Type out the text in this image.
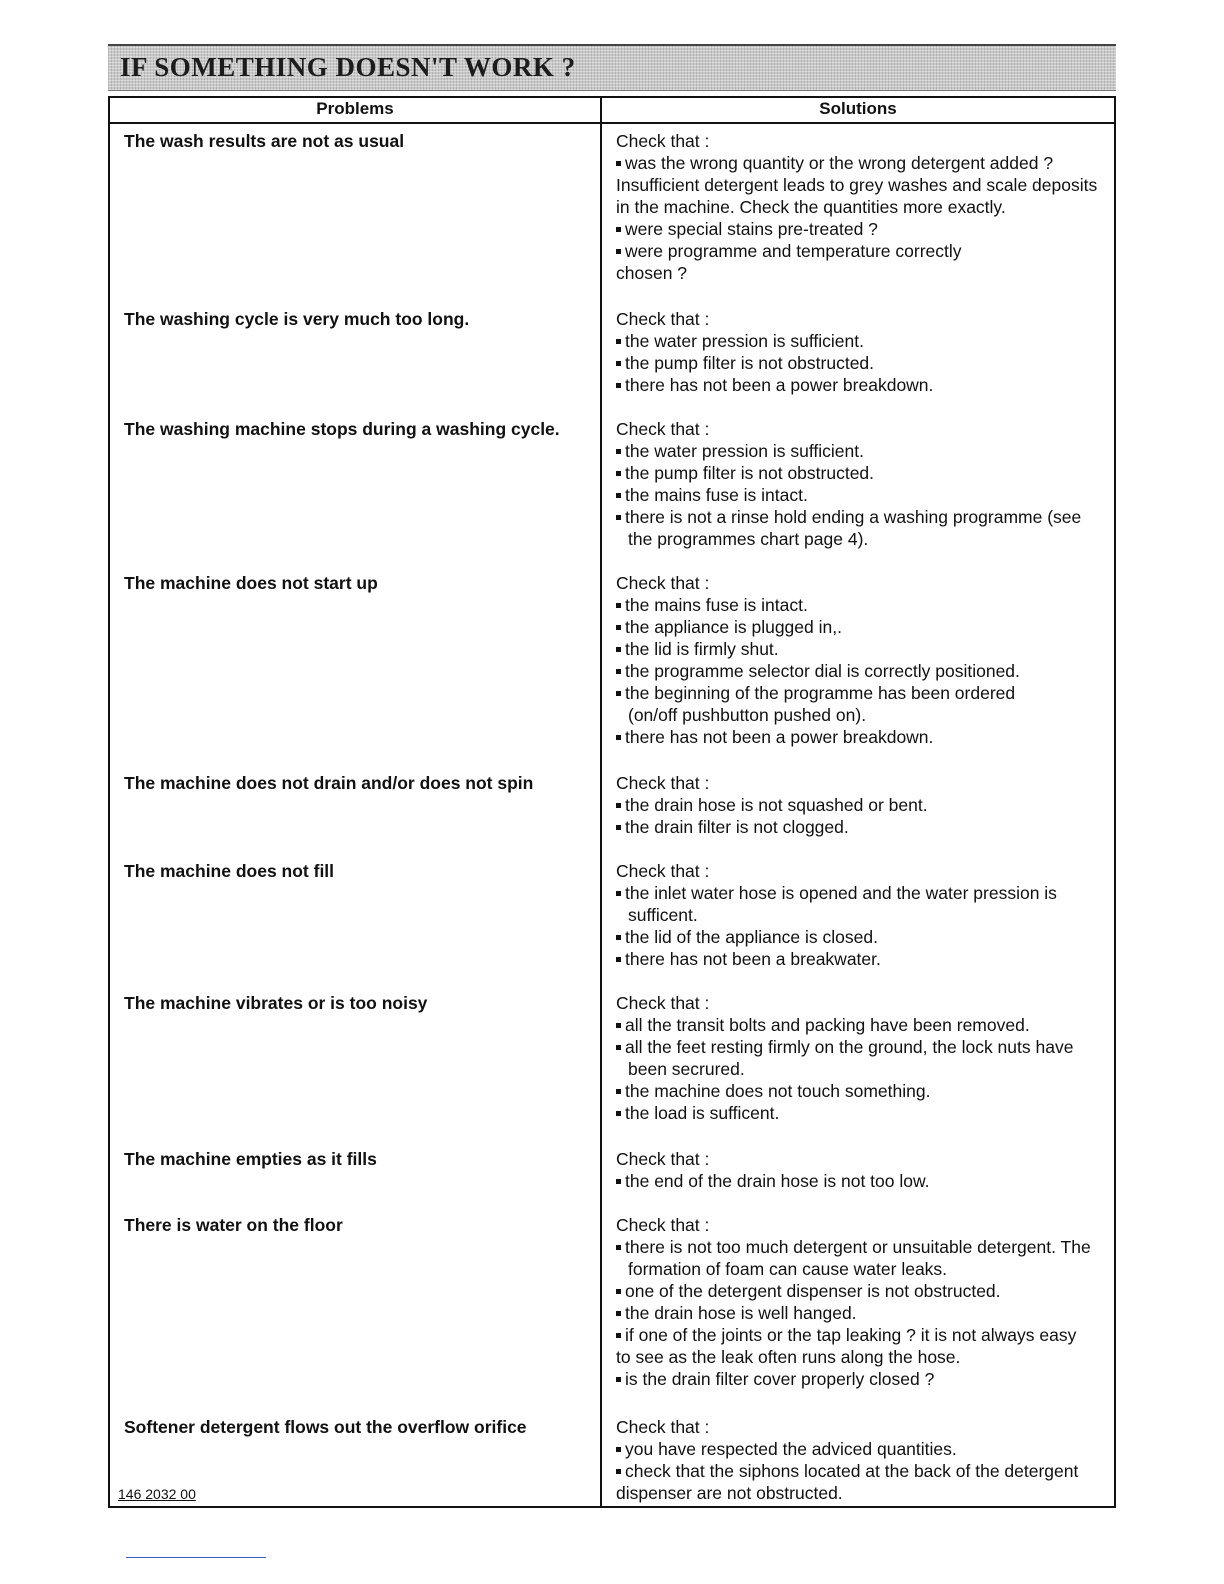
IF SOMETHING DOESN'T WORK ?
Problems	Solutions
The wash results are not as usual	Check that :
was the wrong quantity or the wrong detergent added ?
Insufficient detergent leads to grey washes and scale deposits
in the machine. Check the quantities more exactly.
were special stains pre-treated ?
were programme and temperature correctly
chosen ?
The washing cycle is very much too long.	Check that :
the water pression is sufficient.
the pump filter is not obstructed.
there has not been a power breakdown.
The washing machine stops during a washing cycle.	Check that :
the water pression is sufficient.
the pump filter is not obstructed.
the mains fuse is intact.
there is not a rinse hold ending a washing programme (see
the programmes chart page 4).
The machine does not start up	Check that :
the mains fuse is intact.
the appliance is plugged in,.
the lid is firmly shut.
the programme selector dial is correctly positioned.
the beginning of the programme has been ordered
(on/off pushbutton pushed on).
there has not been a power breakdown.
The machine does not drain and/or does not spin	Check that :
the drain hose is not squashed or bent.
the drain filter is not clogged.
The machine does not fill	Check that :
the inlet water hose is opened and the water pression is
sufficent.
the lid of the appliance is closed.
there has not been a breakwater.
The machine vibrates or is too noisy	Check that :
all the transit bolts and packing have been removed.
all the feet resting firmly on the ground, the lock nuts have
been secrured.
the machine does not touch something.
the load is sufficent.
The machine empties as it fills	Check that :
the end of the drain hose is not too low.
There is water on the floor	Check that :
there is not too much detergent or unsuitable detergent. The
formation of foam can cause water leaks.
one of the detergent dispenser is not obstructed.
the drain hose is well hanged.
if one of the joints or the tap leaking ? it is not always easy
to see as the leak often runs along the hose.
is the drain filter cover properly closed ?
Softener detergent flows out the overflow orifice	Check that :
you have respected the adviced quantities.
check that the siphons located at the back of the detergent
dispenser are not obstructed.
146 2032 00
